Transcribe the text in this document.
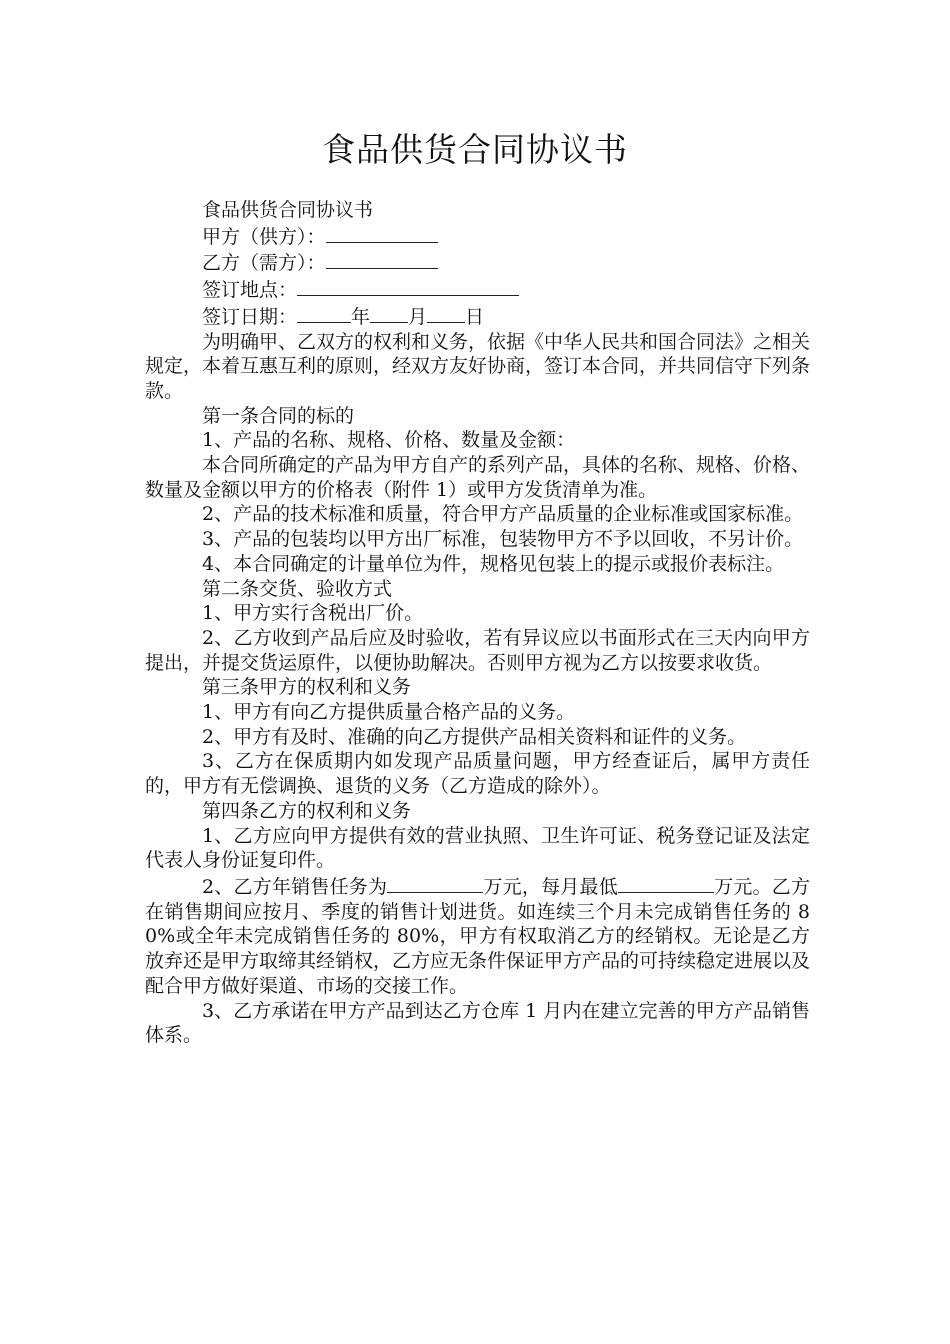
食品供货合同协议书

食品供货合同协议书

甲方（供方）：

乙方（需方）：

签订地点：

签订日期：	年 月 日

为明确甲、乙双方的权利和义务，依据《中华人民共和国合同法》之相关规定，本着互惠互利的原则，经双方友好协商，签订本合同，并共同信守下列条款。

第一条合同的标的

1、产品的名称、规格、价格、数量及金额：

本合同所确定的产品为甲方自产的系列产品，具体的名称、规格、价格、数量及金额以甲方的价格表（附件 1）或甲方发货清单为准。

2、产品的技术标准和质量，符合甲方产品质量的企业标准或国家标准。

3、产品的包装均以甲方出厂标准，包装物甲方不予以回收，不另计价。

4、本合同确定的计量单位为件，规格见包装上的提示或报价表标注。

第二条交货、验收方式

1、甲方实行含税出厂价。

2、乙方收到产品后应及时验收，若有异议应以书面形式在三天内向甲方提出，并提交货运原件，以便协助解决。否则甲方视为乙方以按要求收货。

第三条甲方的权利和义务

1、甲方有向乙方提供质量合格产品的义务。

2、甲方有及时、准确的向乙方提供产品相关资料和证件的义务。

3、乙方在保质期内如发现产品质量问题，甲方经查证后，属甲方责任的，甲方有无偿调换、退货的义务（乙方造成的除外）。

第四条乙方的权利和义务

1、乙方应向甲方提供有效的营业执照、卫生许可证、税务登记证及法定代表人身份证复印件。

2、乙方年销售任务为	万元，每月最低	万元。乙方在销售期间应按月、季度的销售计划进货。如连续三个月未完成销售任务的 80%或全年未完成销售任务的 80%，甲方有权取消乙方的经销权。无论是乙方放弃还是甲方取缔其经销权，乙方应无条件保证甲方产品的可持续稳定进展以及配合甲方做好渠道、市场的交接工作。

3、乙方承诺在甲方产品到达乙方仓库 1 月内在建立完善的甲方产品销售体系。
